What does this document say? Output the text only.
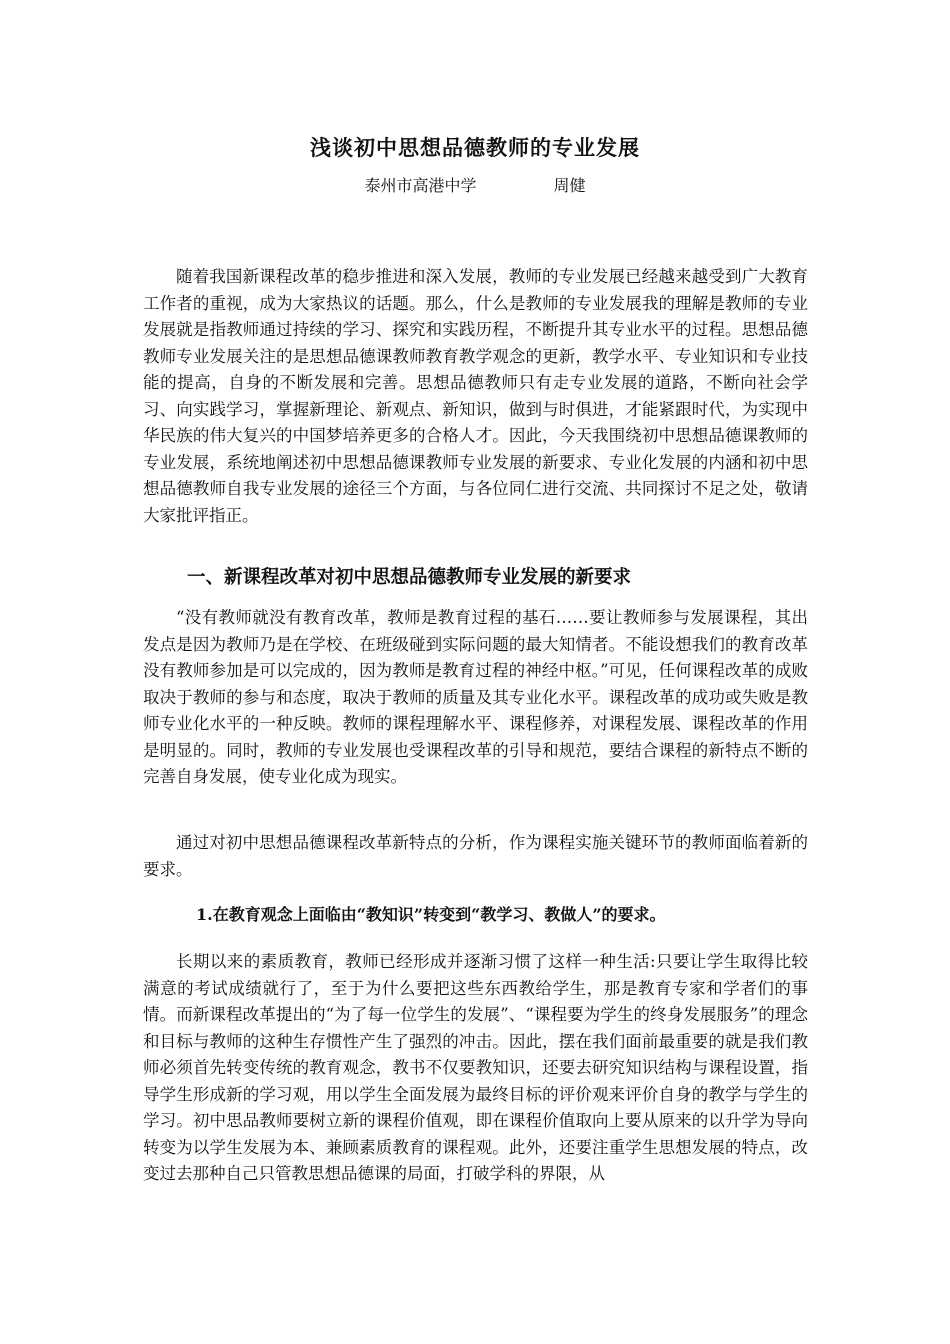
浅谈初中思想品德教师的专业发展
泰州市高港中学	周健

随着我国新课程改革的稳步推进和深入发展，教师的专业发展已经越来越受到广大教育工作者的重视，成为大家热议的话题。那么，什么是教师的专业发展我的理解是教师的专业发展就是指教师通过持续的学习、探究和实践历程，不断提升其专业水平的过程。思想品德教师专业发展关注的是思想品德课教师教育教学观念的更新，教学水平、专业知识和专业技能的提高，自身的不断发展和完善。思想品德教师只有走专业发展的道路，不断向社会学习、向实践学习，掌握新理论、新观点、新知识，做到与时俱进，才能紧跟时代，为实现中华民族的伟大复兴的中国梦培养更多的合格人才。因此，今天我围绕初中思想品德课教师的专业发展，系统地阐述初中思想品德课教师专业发展的新要求、专业化发展的内涵和初中思想品德教师自我专业发展的途径三个方面，与各位同仁进行交流、共同探讨不足之处，敬请大家批评指正。

一、新课程改革对初中思想品德教师专业发展的新要求

“没有教师就没有教育改革，教师是教育过程的基石……要让教师参与发展课程，其出发点是因为教师乃是在学校、在班级碰到实际问题的最大知情者。不能设想我们的教育改革没有教师参加是可以完成的，因为教师是教育过程的神经中枢。”可见，任何课程改革的成败取决于教师的参与和态度，取决于教师的质量及其专业化水平。课程改革的成功或失败是教师专业化水平的一种反映。教师的课程理解水平、课程修养，对课程发展、课程改革的作用是明显的。同时，教师的专业发展也受课程改革的引导和规范，要结合课程的新特点不断的完善自身发展，使专业化成为现实。

通过对初中思想品德课程改革新特点的分析，作为课程实施关键环节的教师面临着新的要求。

1.在教育观念上面临由“教知识”转变到“教学习、教做人”的要求。

长期以来的素质教育，教师已经形成并逐渐习惯了这样一种生活:只要让学生取得比较满意的考试成绩就行了，至于为什么要把这些东西教给学生，那是教育专家和学者们的事情。而新课程改革提出的“为了每一位学生的发展”、“课程要为学生的终身发展服务”的理念和目标与教师的这种生存惯性产生了强烈的冲击。因此，摆在我们面前最重要的就是我们教师必须首先转变传统的教育观念，教书不仅要教知识，还要去研究知识结构与课程设置，指导学生形成新的学习观，用以学生全面发展为最终目标的评价观来评价自身的教学与学生的学习。初中思品教师要树立新的课程价值观，即在课程价值取向上要从原来的以升学为导向转变为以学生发展为本、兼顾素质教育的课程观。此外，还要注重学生思想发展的特点，改变过去那种自己只管教思想品德课的局面，打破学科的界限，从
